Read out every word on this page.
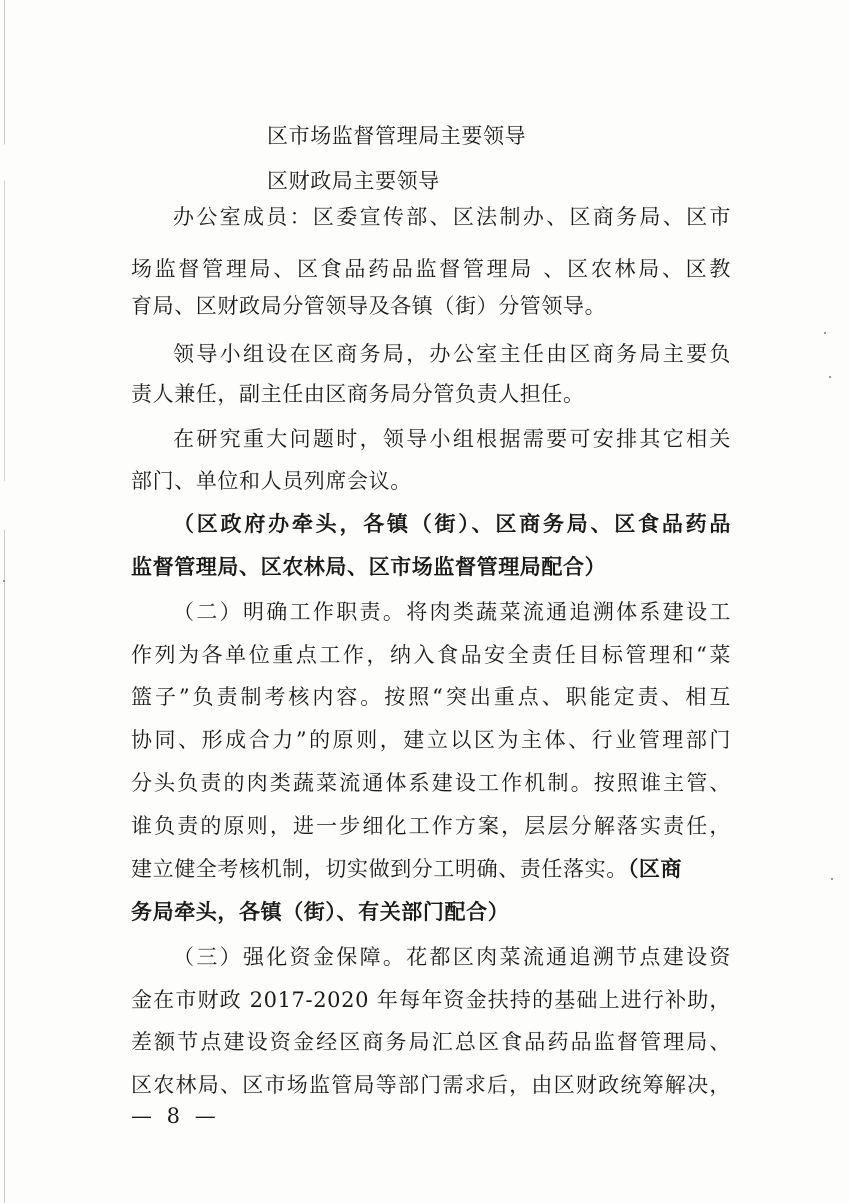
区市场监督管理局主要领导
区财政局主要领导
办公室成员：区委宣传部、区法制办、区商务局、区市
场监督管理局、区食品药品监督管理局 、区农林局、区教
育局、区财政局分管领导及各镇（街）分管领导。
领导小组设在区商务局，办公室主任由区商务局主要负
责人兼任，副主任由区商务局分管负责人担任。
在研究重大问题时，领导小组根据需要可安排其它相关
部门、单位和人员列席会议。
（区政府办牵头，各镇（街）、区商务局、区食品药品
监督管理局、区农林局、区市场监督管理局配合）
（二）明确工作职责。将肉类蔬菜流通追溯体系建设工
作列为各单位重点工作，纳入食品安全责任目标管理和“菜
篮子”负责制考核内容。按照“突出重点、职能定责、相互
协同、形成合力”的原则，建立以区为主体、行业管理部门
分头负责的肉类蔬菜流通体系建设工作机制。按照谁主管、
谁负责的原则，进一步细化工作方案，层层分解落实责任，
建立健全考核机制，切实做到分工明确、责任落实。（区商
务局牵头，各镇（街）、有关部门配合）
（三）强化资金保障。花都区肉菜流通追溯节点建设资
金在市财政 2017-2020 年每年资金扶持的基础上进行补助，
差额节点建设资金经区商务局汇总区食品药品监督管理局、
区农林局、区市场监管局等部门需求后，由区财政统筹解决，
— 8 —
